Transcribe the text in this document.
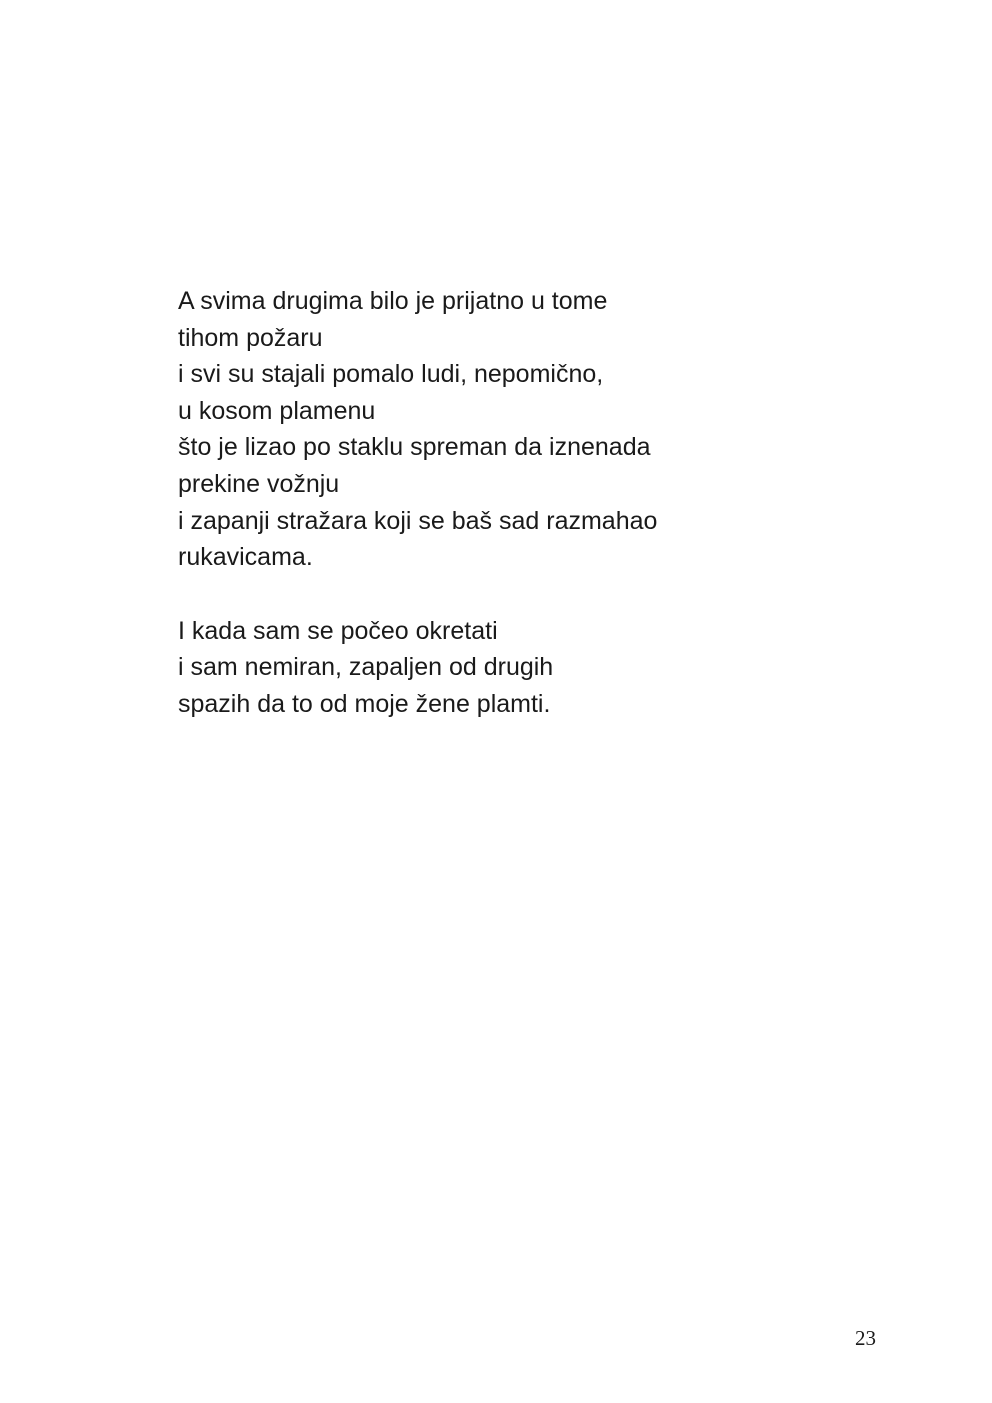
A svima drugima bilo je prijatno u tome
tihom požaru
i svi su stajali pomalo ludi, nepomično,
u kosom plamenu
što je lizao po staklu spreman da iznenada
prekine vožnju
i zapanji stražara koji se baš sad razmahao
rukavicama.
I kada sam se počeo okretati
i sam nemiran, zapaljen od drugih
spazih da to od moje žene plamti.
23
